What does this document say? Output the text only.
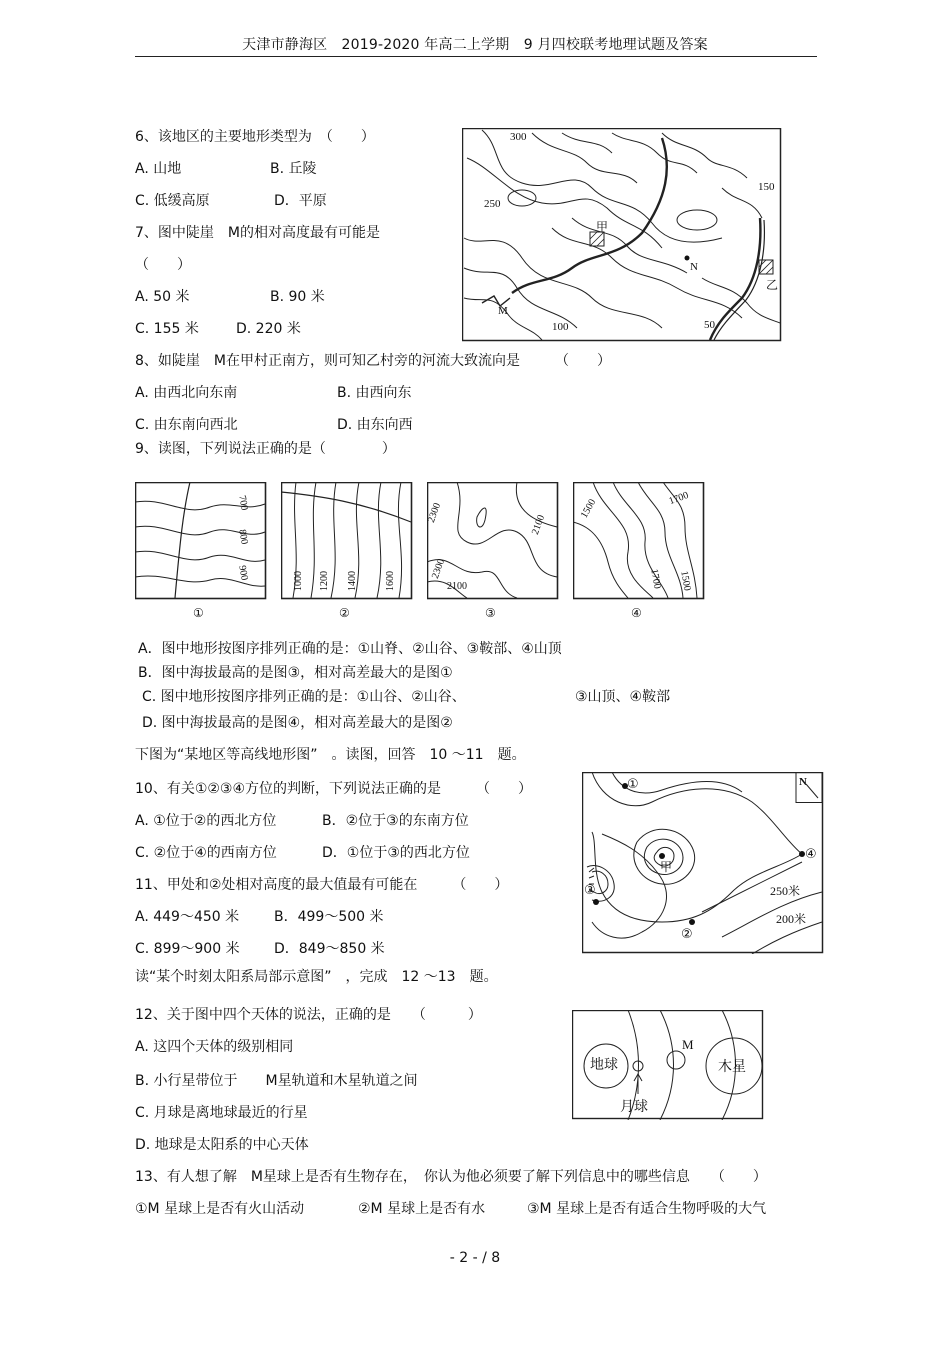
天津市静海区　2019-2020 年高二上学期　9 月四校联考地理试题及答案
6、该地区的主要地形类型为　（　　）
A. 山地	B. 丘陵
C. 低缓高原	D．平原
7、图中陡崖　M的相对高度最有可能是
（　　）
A. 50 米	B. 90 米
C. 155 米	D. 220 米
300
250
150
100	50
甲
N
乙
M
8、如陡崖　M在甲村正南方，则可知乙村旁的河流大致流向是　　　（　　）
A. 由西北向东南	B. 由西向东
C. 由东南向西北	D. 由东向西
9、读图，下列说法正确的是（　　　　）
700
800
900
①
1000	1200	1400	1600
②
2300
2100
2300
2100
③
1500	1700
1700	1500
④
A．图中地形按图序排列正确的是：①山脊、②山谷、③鞍部、④山顶
B．图中海拔最高的是图③，相对高差最大的是图①
C. 图中地形按图序排列正确的是：①山谷、②山谷、	③山顶、④鞍部
D. 图中海拔最高的是图④，相对高差最大的是图②
下图为“某地区等高线地形图”　。读图，回答　10 ～11　题。
10、有关①②③④方位的判断，下列说法正确的是　　　（　　）
A. ①位于②的西北方位	B．②位于③的东南方位
C. ②位于④的西南方位	D．①位于③的西北方位
11、甲处和②处相对高度的最大值最有可能在　　　（　　）
A. 449～450 米 B．499～500 米
C. 899～900 米 D．849～850 米
①
②
③
④
甲
250米
200米
N
读“某个时刻太阳系局部示意图”　，完成　12 ～13　题。
12、关于图中四个天体的说法，正确的是　　（　　　）
A. 这四个天体的级别相同
B. 小行星带位于　　M星轨道和木星轨道之间
C. 月球是离地球最近的行星
D. 地球是太阳系的中心天体
地球	木星
M
月球
13、有人想了解　M星球上是否有生物存在，　你认为他必须要了解下列信息中的哪些信息　　（　　）
①M 星球上是否有火山活动	②M 星球上是否有水	③M 星球上是否有适合生物呼吸的大气
- 2 - / 8
